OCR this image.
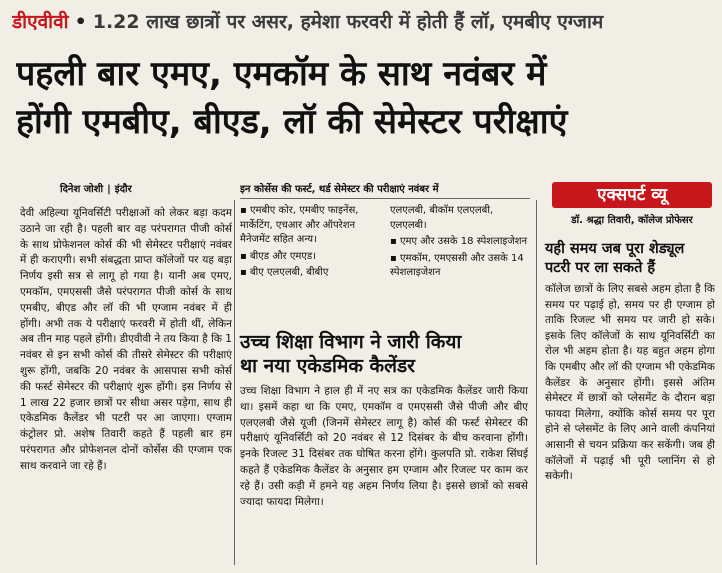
डीएवीवी • 1.22 लाख छात्रों पर असर, हमेशा फरवरी में होती हैं लॉ, एमबीए एग्जाम
पहली बार एमए, एमकॉम के साथ नवंबर में
होंगी एमबीए, बीएड, लॉ की सेमेस्टर परीक्षाएं
दिनेश जोशी | इंदौर

देवी अहिल्या यूनिवर्सिटी परीक्षाओं को लेकर बड़ा कदम उठाने जा रही है। पहली बार वह परंपरागत पीजी कोर्स के साथ प्रोफेशनल कोर्स की भी सेमेस्टर परीक्षाएं नवंबर में ही कराएगी। सभी संबद्धता प्राप्त कॉलेजों पर यह बड़ा निर्णय इसी सत्र से लागू हो गया है। यानी अब एमए, एमकॉम, एमएससी जैसे परंपरागत पीजी कोर्स के साथ एमबीए, बीएड और लॉ की भी एग्जाम नवंबर में ही होंगी। अभी तक ये परीक्षाएं फरवरी में होती थीं, लेकिन अब तीन माह पहले होंगी। डीएवीवी ने तय किया है कि 1 नवंबर से इन सभी कोर्स की तीसरे सेमेस्टर की परीक्षाएं शुरू होंगी, जबकि 20 नवंबर के आसपास सभी कोर्स की फर्स्ट सेमेस्टर की परीक्षाएं शुरू होंगी। इस निर्णय से 1 लाख 22 हजार छात्रों पर सीधा असर पड़ेगा, साथ ही एकेडमिक कैलेंडर भी पटरी पर आ जाएगा। एग्जाम कंट्रोलर प्रो. अशेष तिवारी कहते हैं पहली बार हम परंपरागत और प्रोफेशनल दोनों कोर्सेस की एग्जाम एक साथ करवाने जा रहे हैं।

इन कोर्सेस की फर्स्ट, थर्ड सेमेस्टर की परीक्षाएं नवंबर में
▪ एमबीए कोर, एमबीए फाइनेंस, मार्केटिंग, एचआर और ऑपरेशन मैनेजमेंट सहित अन्य।
▪ बीएड और एमएड।
▪ बीए एलएलबी, बीबीए
एलएलबी, बीकॉम एलएलबी, एलएलबी।
▪ एमए और उसके 18 स्पेशलाइजेशन
▪ एमकॉम, एमएससी और उसके 14 स्पेशलाइजेशन
उच्च शिक्षा विभाग ने जारी किया
था नया एकेडमिक कैलेंडर

उच्च शिक्षा विभाग ने हाल ही में नए सत्र का एकेडमिक कैलेंडर जारी किया था। इसमें कहा था कि एमए, एमकॉम व एमएससी जैसे पीजी और बीए एलएलबी जैसे यूजी (जिनमें सेमेस्टर लागू है) कोर्स की फर्स्ट सेमेस्टर की परीक्षाएं यूनिवर्सिटी को 20 नवंबर से 12 दिसंबर के बीच करवाना होंगी। इनके रिजल्ट 31 दिसंबर तक घोषित करना होंगे। कुलपति प्रो. राकेश सिंघई कहते हैं एकेडमिक कैलेंडर के अनुसार हम एग्जाम और रिजल्ट पर काम कर रहे हैं। उसी कड़ी में हमने यह अहम निर्णय लिया है। इससे छात्रों को सबसे ज्यादा फायदा मिलेगा।

एक्सपर्ट व्यू
डॉ. श्रद्धा तिवारी, कॉलेज प्रोफेसर
यही समय जब पूरा शेड्यूल
पटरी पर ला सकते हैं

कॉलेज छात्रों के लिए सबसे अहम होता है कि समय पर पढ़ाई हो, समय पर ही एग्जाम हो ताकि रिजल्ट भी समय पर जारी हो सके। इसके लिए कॉलेजों के साथ यूनिवर्सिटी का रोल भी अहम होता है। यह बहुत अहम होगा कि एमबीए और लॉ की एग्जाम भी एकेडमिक कैलेंडर के अनुसार होंगी। इससे अंतिम सेमेस्टर में छात्रों को प्लेसमेंट के दौरान बड़ा फायदा मिलेगा, क्योंकि कोर्स समय पर पूरा होने से प्लेसमेंट के लिए आने वाली कंपनियां आसानी से चयन प्रक्रिया कर सकेंगी। जब ही कॉलेजों में पढ़ाई भी पूरी प्लानिंग से हो सकेगी।
